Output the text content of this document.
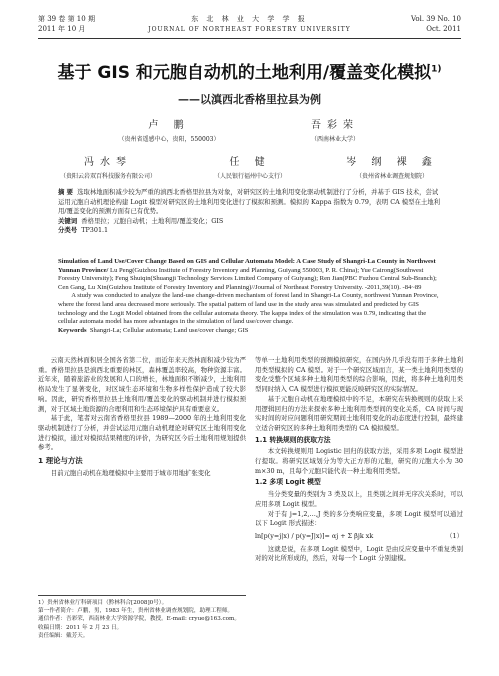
第 39 卷 第 10 期	东 北 林 业 大 学 学 报	Vol. 39 No. 10
2011 年 10 月	JOURNAL OF NORTHEAST FORESTRY UNIVERSITY	Oct. 2011
基于 GIS 和元胞自动机的土地利用/覆盖变化模拟$^{1)}$
——以滇西北香格里拉县为例
卢 鹏
（贵州省遥感中心，贵阳，550003）
吾彩荣
（西南林业大学）
冯水琴
（贵阳云岩双百科技服务有限公司）
任 健
（人民银行福州中心支行）
岑 纲 裸 鑫
（贵州省林业调查规划院）
摘 要 选取林地面积减少较为严重的滇西北香格里拉县为对象，对研究区的土地利用变化驱动机制进行了分析，并基于 GIS 技术，尝试运用元胞自动机理论构建 Logit 模型对研究区的土地利用变化进行了模拟和预测。模拟的 Kappa 指数为 0.79，表明 CA 模型在土地利用/覆盖变化的预测方面有已有优势。
关键词 香格里拉；元胞自动机；土地利用/覆盖变化；GIS
分类号 TP301.1
Simulation of Land Use/Cover Change Based on GIS and Cellular Automata Model: A Case Study of Shangri-La County in Northwest Yunnan Province/ Lu Peng(Guizhou Institute of Forestry Inventory and Planning, Guiyang 550003, P. R. China); Yue Cairong(Southwest Forestry University); Feng Shuiqin(Shuangji Technology Services Limited Company of Guiyang); Ren Jian(PBC Fuzhou Central Sub-Branch); Cen Gang, Lu Xin(Guizhou Institute of Forestry Inventory and Planning)//Journal of Northeast Forestry University. -2011,39(10). -84~89
A study was conducted to analyze the land-use change-driven mechanism of forest land in Shangri-La County, northwest Yunnan Province, where the forest land area decreased more seriously. The spatial pattern of land use in the study area was simulated and predicted by GIS technology and the Logit Model obtained from the cellular automata theory. The kappa index of the simulation was 0.79, indicating that the cellular automata model has more advantages in the simulation of land use/cover change.
Keywords Shangri-La; Cellular automata; Land use/cover change; GIS

云南天然林面积居全国各省第二位，而近年来天然林面积减少较为严重。香格里拉县是滇西北重要的林区，森林覆盖率较高，物种资源丰富。近年来，随着旅游业的发展和人口的增长，林地面积不断减少，土地利用格局发生了显著变化，对区域生态环境和生物多样性保护造成了较大影响。因此，研究香格里拉县土地利用/覆盖变化的驱动机制并进行模拟预测，对于区域土地资源的合理利用和生态环境保护具有重要意义。

基于此，笔者对云南省香格里拉县 1989—2000 年的土地利用变化驱动机制进行了分析，并尝试运用元胞自动机理论对研究区土地利用变化进行模拟，通过对模拟结果精度的评价，为研究区今后土地利用规划提供参考。

1 理论与方法

目前元胞自动机在地理模拟中主要用于城市用地扩张变化

等单一土地利用类型的预测模拟研究，在国内外几乎没有用于多种土地利用类型模拟的 CA 模型。对于一个研究区域而言，某一类土地利用类型的变化受整个区域多种土地利用类型的综合影响，因此，将多种土地利用类型同时纳入 CA 模型进行模拟更能反映研究区的实际情况。

基于元胞自动机在地理模拟中的不足，本研究在转换规则的获取上采用逻辑回归的方法来探索多种土地利用类型间的变化关系，CA 时间与现实时间的对应问题利用研究期间土地利用变化的动态度进行控制，最终建立适合研究区的多种土地利用类型的 CA 模拟模型。

1.1 转换规则的获取方法

本文转换规则用 Logistic 回归的获取方法，采用多项 Logit 模型进行提取。将研究区域划分为等大正方形的元胞，研究的元胞大小为 30 m×30 m，且每个元胞只能代表一种土地利用类型。

1.2 多项 Logit 模型

当分类变量的类别为 3 类及以上，且类别之间并无序次关系时，可以应用多项 Logit 模型。

对于有 j=1,2,…,J 类的多分类响应变量，多项 Logit 模型可以通过以下 Logit 形式描述：

ln[p(y=j|x) / p(y=J|x)] = αj + Σ βjk xk	（1）

这就是说，在多项 Logit 模型中，Logit 是由反应变量中不重复类别对的对比所形成的，然后，对每一个 Logit 分别建模。

1）贵州省林业厅科研项目（黔林科合[2008]0号）。
第一作者简介：卢鹏，男，1983 年生，贵州省林业调查规划院，助理工程师。
通信作者：吾彩荣，西南林业大学资源学院，教授。E-mail: cryue@163.com。
收稿日期：2011 年 2 月 23 日。
责任编辑：戴芳天。
